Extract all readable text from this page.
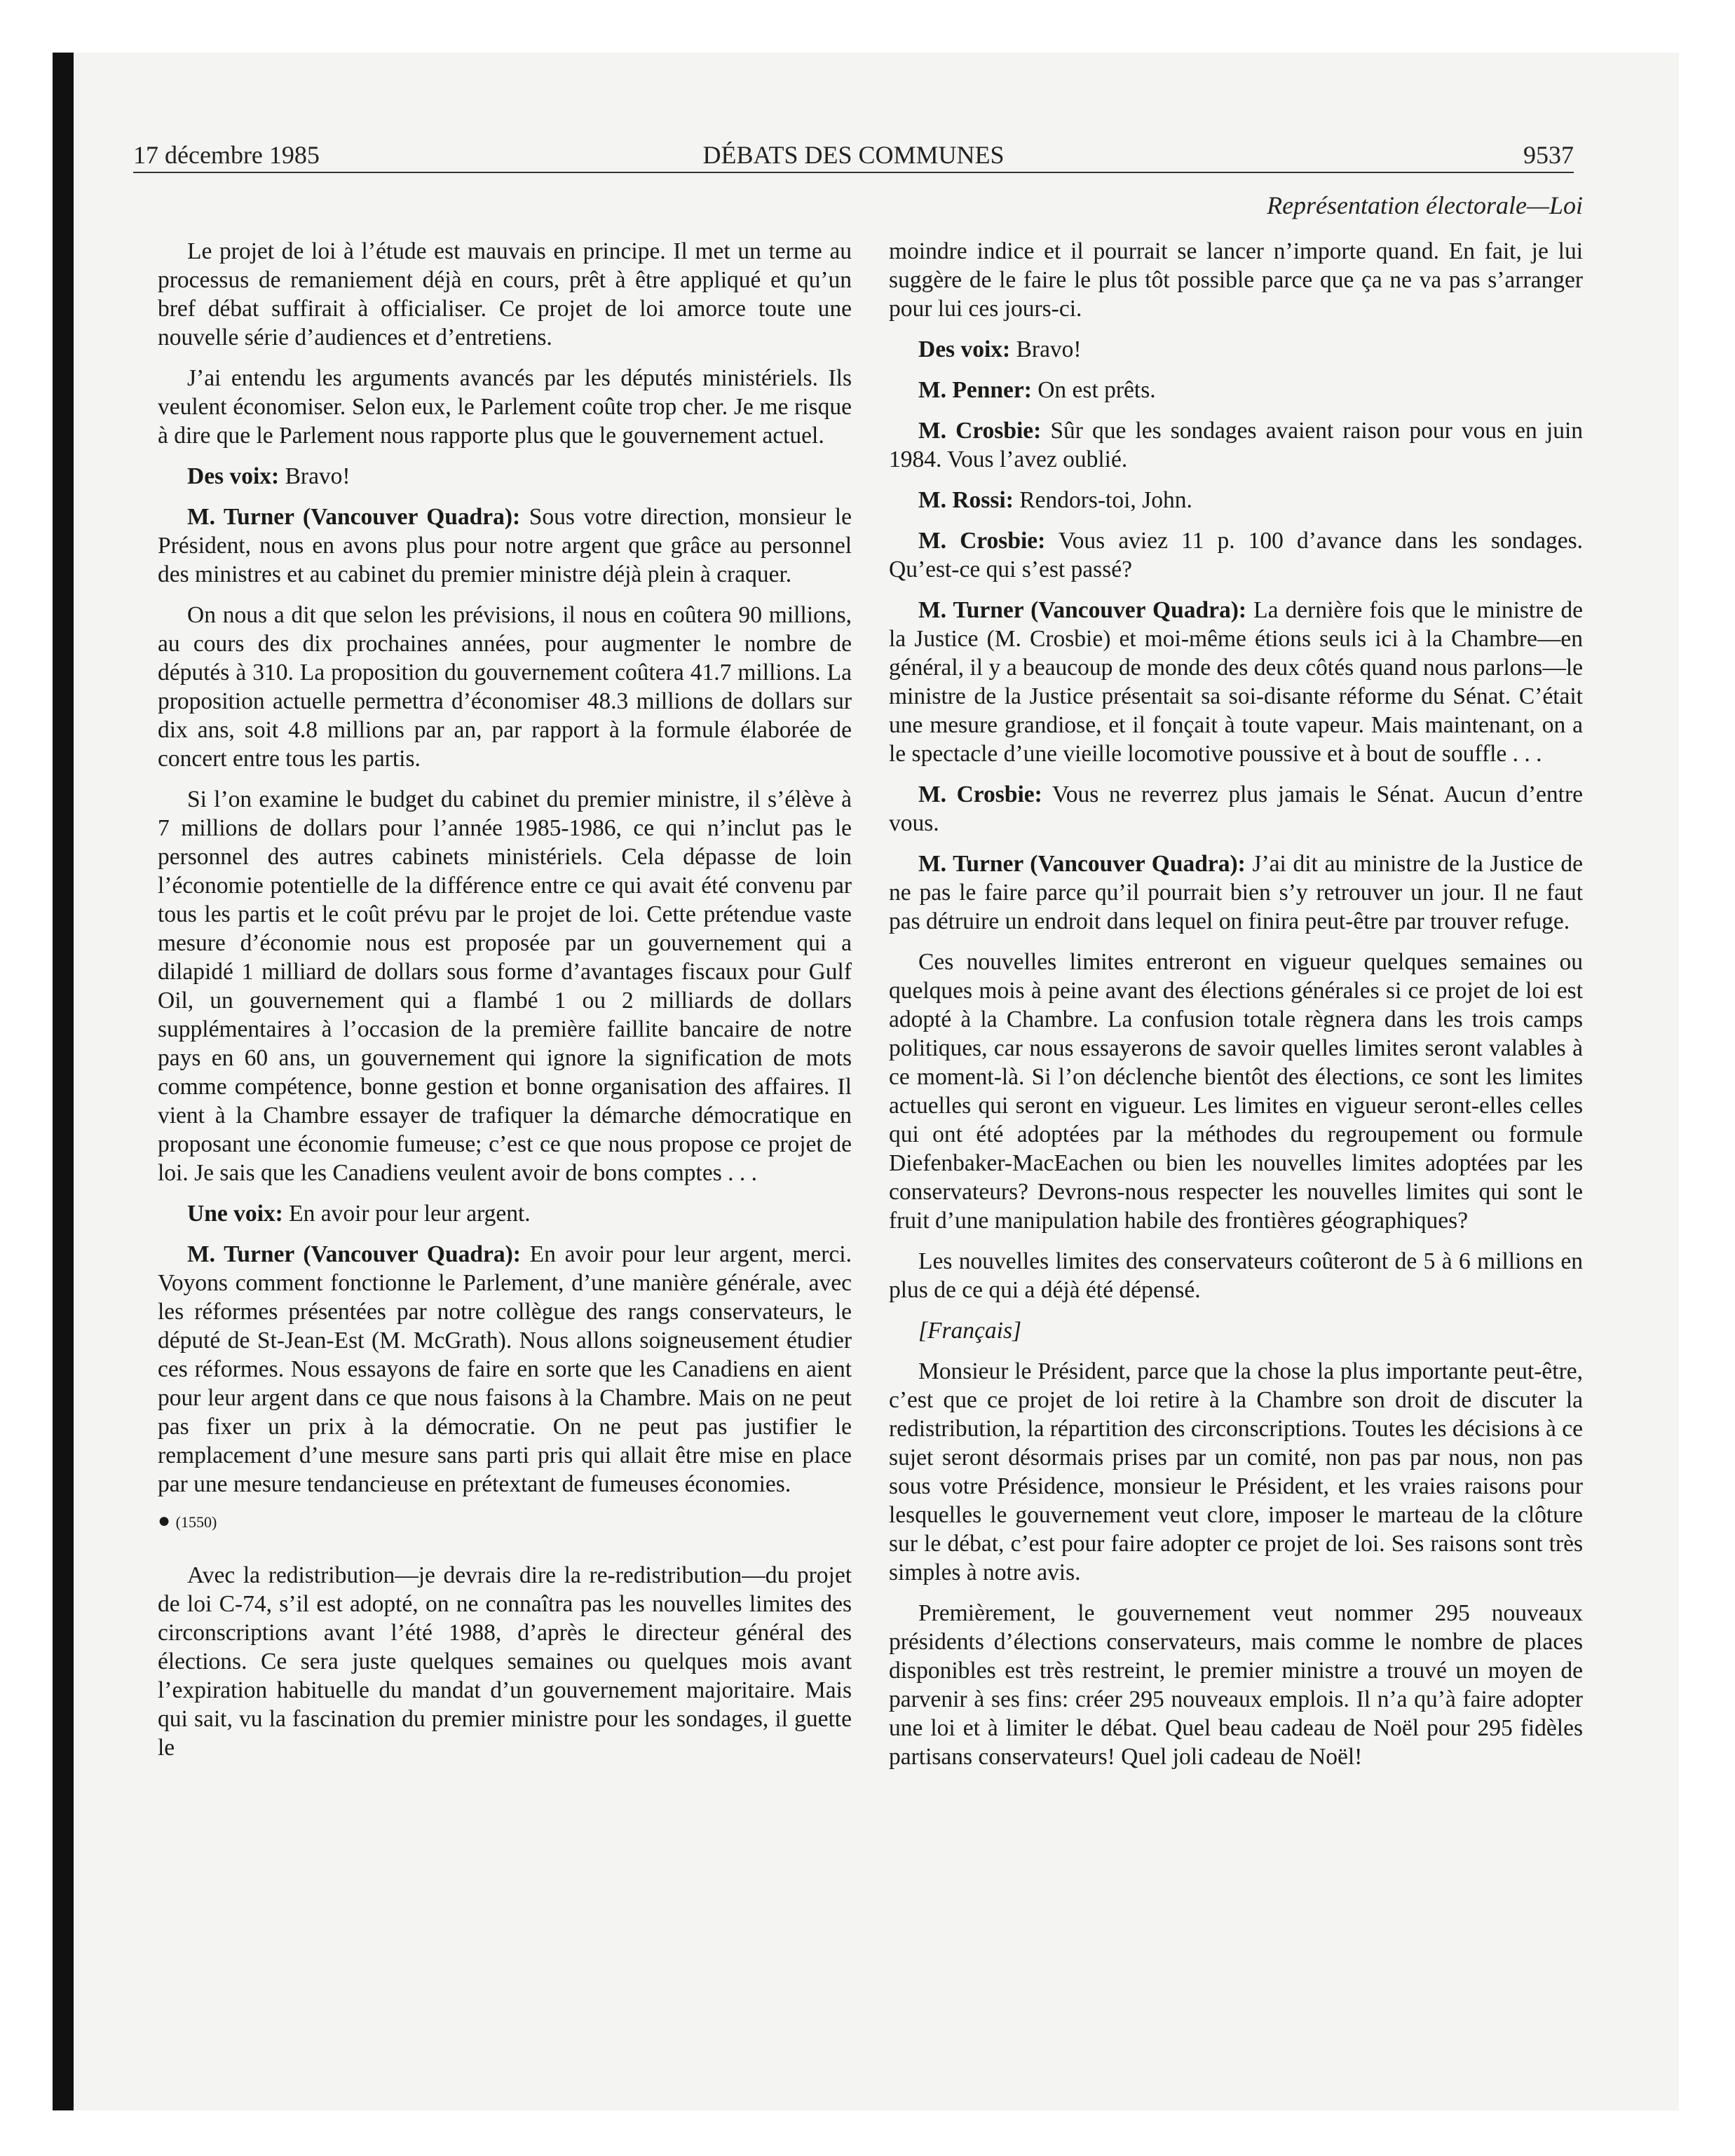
17 décembre 1985	DÉBATS DES COMMUNES	9537
Représentation électorale—Loi

Le projet de loi à l’étude est mauvais en principe. Il met un terme au processus de remaniement déjà en cours, prêt à être appliqué et qu’un bref débat suffirait à officialiser. Ce projet de loi amorce toute une nouvelle série d’audiences et d’entretiens.

J’ai entendu les arguments avancés par les députés ministériels. Ils veulent économiser. Selon eux, le Parlement coûte trop cher. Je me risque à dire que le Parlement nous rapporte plus que le gouvernement actuel.

Des voix: Bravo!

M. Turner (Vancouver Quadra): Sous votre direction, monsieur le Président, nous en avons plus pour notre argent que grâce au personnel des ministres et au cabinet du premier ministre déjà plein à craquer.

On nous a dit que selon les prévisions, il nous en coûtera 90 millions, au cours des dix prochaines années, pour augmenter le nombre de députés à 310. La proposition du gouvernement coûtera 41.7 millions. La proposition actuelle permettra d’économiser 48.3 millions de dollars sur dix ans, soit 4.8 millions par an, par rapport à la formule élaborée de concert entre tous les partis.

Si l’on examine le budget du cabinet du premier ministre, il s’élève à 7 millions de dollars pour l’année 1985-1986, ce qui n’inclut pas le personnel des autres cabinets ministériels. Cela dépasse de loin l’économie potentielle de la différence entre ce qui avait été convenu par tous les partis et le coût prévu par le projet de loi. Cette prétendue vaste mesure d’économie nous est proposée par un gouvernement qui a dilapidé 1 milliard de dollars sous forme d’avantages fiscaux pour Gulf Oil, un gouvernement qui a flambé 1 ou 2 milliards de dollars supplémentaires à l’occasion de la première faillite bancaire de notre pays en 60 ans, un gouvernement qui ignore la signification de mots comme compétence, bonne gestion et bonne organisation des affaires. Il vient à la Chambre essayer de trafiquer la démarche démocratique en proposant une économie fumeuse; c’est ce que nous propose ce projet de loi. Je sais que les Canadiens veulent avoir de bons comptes . . .

Une voix: En avoir pour leur argent.

M. Turner (Vancouver Quadra): En avoir pour leur argent, merci. Voyons comment fonctionne le Parlement, d’une manière générale, avec les réformes présentées par notre collègue des rangs conservateurs, le député de St-Jean-Est (M. McGrath). Nous allons soigneusement étudier ces réformes. Nous essayons de faire en sorte que les Canadiens en aient pour leur argent dans ce que nous faisons à la Chambre. Mais on ne peut pas fixer un prix à la démocratie. On ne peut pas justifier le remplacement d’une mesure sans parti pris qui allait être mise en place par une mesure tendancieuse en prétextant de fumeuses économies.

● (1550)

Avec la redistribution—je devrais dire la re-redistribution—du projet de loi C-74, s’il est adopté, on ne connaîtra pas les nouvelles limites des circonscriptions avant l’été 1988, d’après le directeur général des élections. Ce sera juste quelques semaines ou quelques mois avant l’expiration habituelle du mandat d’un gouvernement majoritaire. Mais qui sait, vu la fascination du premier ministre pour les sondages, il guette le

moindre indice et il pourrait se lancer n’importe quand. En fait, je lui suggère de le faire le plus tôt possible parce que ça ne va pas s’arranger pour lui ces jours-ci.

Des voix: Bravo!

M. Penner: On est prêts.

M. Crosbie: Sûr que les sondages avaient raison pour vous en juin 1984. Vous l’avez oublié.

M. Rossi: Rendors-toi, John.

M. Crosbie: Vous aviez 11 p. 100 d’avance dans les sondages. Qu’est-ce qui s’est passé?

M. Turner (Vancouver Quadra): La dernière fois que le ministre de la Justice (M. Crosbie) et moi-même étions seuls ici à la Chambre—en général, il y a beaucoup de monde des deux côtés quand nous parlons—le ministre de la Justice présentait sa soi-disante réforme du Sénat. C’était une mesure grandiose, et il fonçait à toute vapeur. Mais maintenant, on a le spectacle d’une vieille locomotive poussive et à bout de souffle . . .

M. Crosbie: Vous ne reverrez plus jamais le Sénat. Aucun d’entre vous.

M. Turner (Vancouver Quadra): J’ai dit au ministre de la Justice de ne pas le faire parce qu’il pourrait bien s’y retrouver un jour. Il ne faut pas détruire un endroit dans lequel on finira peut-être par trouver refuge.

Ces nouvelles limites entreront en vigueur quelques semaines ou quelques mois à peine avant des élections générales si ce projet de loi est adopté à la Chambre. La confusion totale règnera dans les trois camps politiques, car nous essayerons de savoir quelles limites seront valables à ce moment-là. Si l’on déclenche bientôt des élections, ce sont les limites actuelles qui seront en vigueur. Les limites en vigueur seront-elles celles qui ont été adoptées par la méthodes du regroupement ou formule Diefenbaker-MacEachen ou bien les nouvelles limites adoptées par les conservateurs? Devrons-nous respecter les nouvelles limites qui sont le fruit d’une manipulation habile des frontières géographiques?

Les nouvelles limites des conservateurs coûteront de 5 à 6 millions en plus de ce qui a déjà été dépensé.

[Français]

Monsieur le Président, parce que la chose la plus importante peut-être, c’est que ce projet de loi retire à la Chambre son droit de discuter la redistribution, la répartition des circonscriptions. Toutes les décisions à ce sujet seront désormais prises par un comité, non pas par nous, non pas sous votre Présidence, monsieur le Président, et les vraies raisons pour lesquelles le gouvernement veut clore, imposer le marteau de la clôture sur le débat, c’est pour faire adopter ce projet de loi. Ses raisons sont très simples à notre avis.

Premièrement, le gouvernement veut nommer 295 nouveaux présidents d’élections conservateurs, mais comme le nombre de places disponibles est très restreint, le premier ministre a trouvé un moyen de parvenir à ses fins: créer 295 nouveaux emplois. Il n’a qu’à faire adopter une loi et à limiter le débat. Quel beau cadeau de Noël pour 295 fidèles partisans conservateurs! Quel joli cadeau de Noël!
